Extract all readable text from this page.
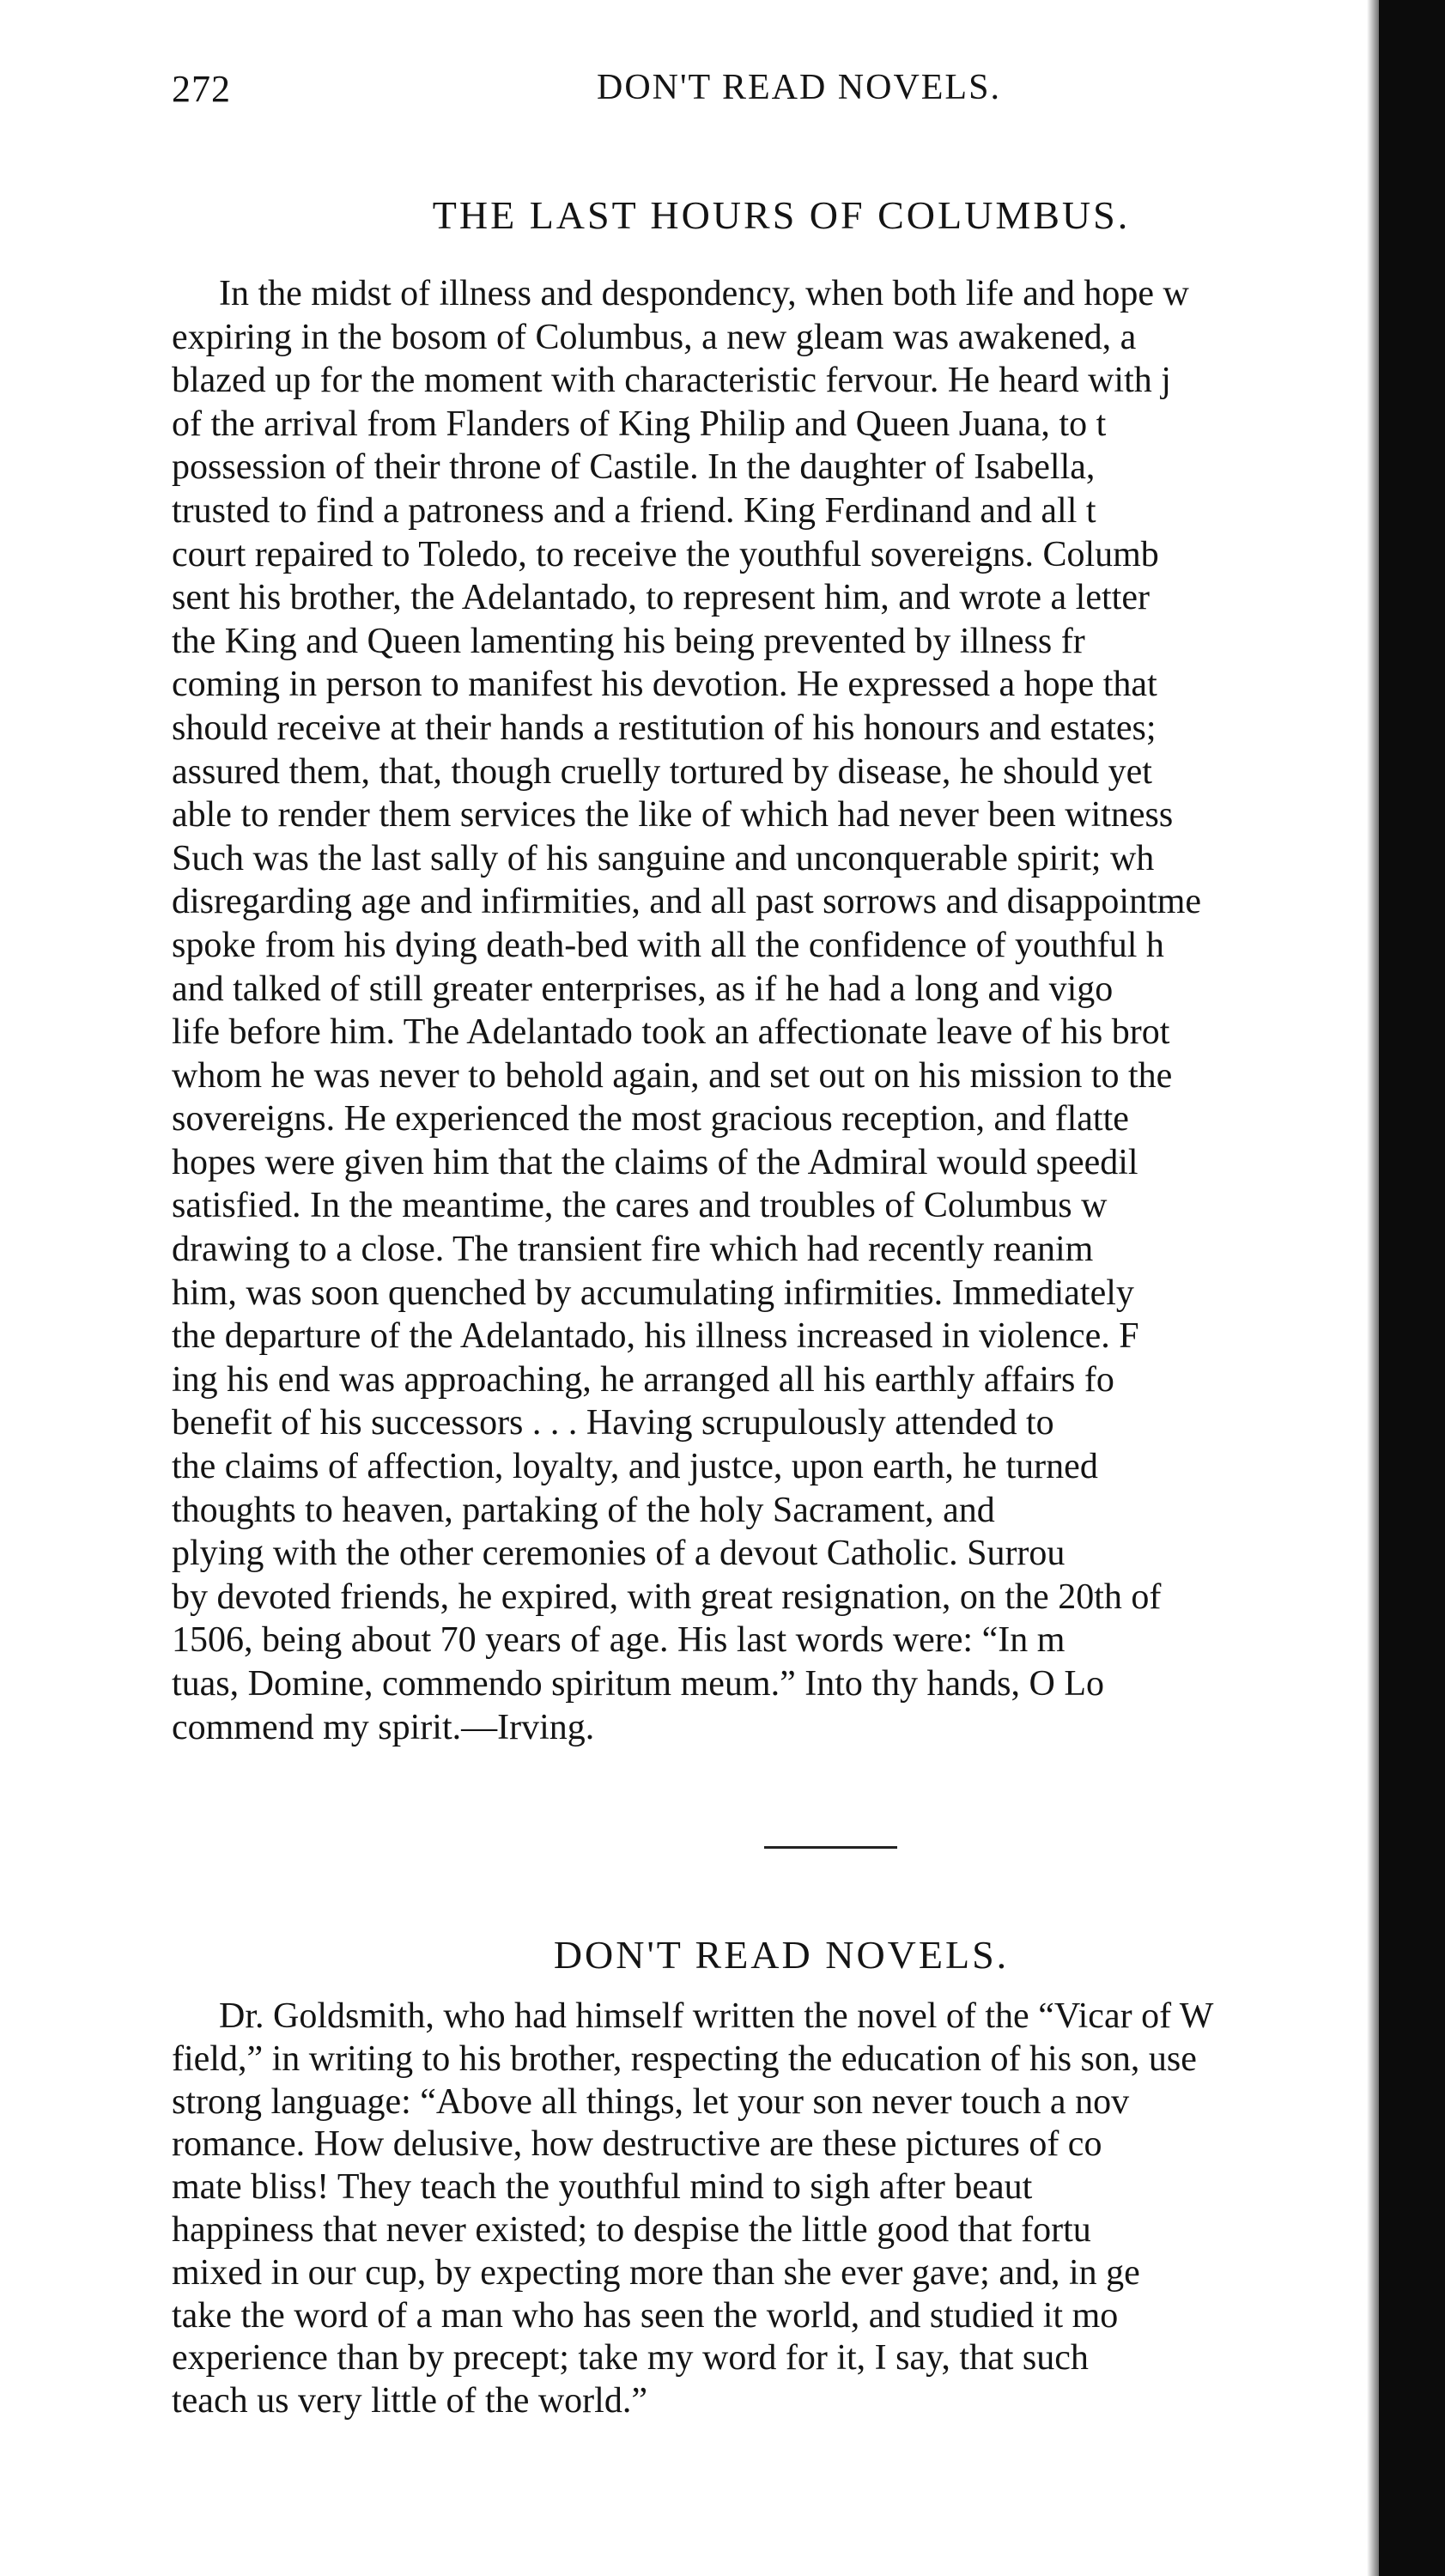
272	DON'T READ NOVELS.
THE LAST HOURS OF COLUMBUS.
In the midst of illness and despondency, when both life and hope w
expiring in the bosom of Columbus, a new gleam was awakened, a
blazed up for the moment with characteristic fervour. He heard with j
of the arrival from Flanders of King Philip and Queen Juana, to t
possession of their throne of Castile. In the daughter of Isabella,
trusted to find a patroness and a friend. King Ferdinand and all t
court repaired to Toledo, to receive the youthful sovereigns. Columb
sent his brother, the Adelantado, to represent him, and wrote a letter
the King and Queen lamenting his being prevented by illness fr
coming in person to manifest his devotion. He expressed a hope that
should receive at their hands a restitution of his honours and estates;
assured them, that, though cruelly tortured by disease, he should yet
able to render them services the like of which had never been witness
Such was the last sally of his sanguine and unconquerable spirit; wh
disregarding age and infirmities, and all past sorrows and disappointme
spoke from his dying death-bed with all the confidence of youthful h
and talked of still greater enterprises, as if he had a long and vigo
life before him. The Adelantado took an affectionate leave of his brot
whom he was never to behold again, and set out on his mission to the
sovereigns. He experienced the most gracious reception, and flatte
hopes were given him that the claims of the Admiral would speedil
satisfied. In the meantime, the cares and troubles of Columbus w
drawing to a close. The transient fire which had recently reanim
him, was soon quenched by accumulating infirmities. Immediately
the departure of the Adelantado, his illness increased in violence. F
ing his end was approaching, he arranged all his earthly affairs fo
benefit of his successors . . . Having scrupulously attended to
the claims of affection, loyalty, and justce, upon earth, he turned
thoughts to heaven, partaking of the holy Sacrament, and
plying with the other ceremonies of a devout Catholic. Surrou
by devoted friends, he expired, with great resignation, on the 20th of
1506, being about 70 years of age. His last words were: “In m
tuas, Domine, commendo spiritum meum.” Into thy hands, O Lo
commend my spirit.—Irving.
DON'T READ NOVELS.
Dr. Goldsmith, who had himself written the novel of the “Vicar of W
field,” in writing to his brother, respecting the education of his son, use
strong language: “Above all things, let your son never touch a nov
romance. How delusive, how destructive are these pictures of co
mate bliss! They teach the youthful mind to sigh after beaut
happiness that never existed; to despise the little good that fortu
mixed in our cup, by expecting more than she ever gave; and, in ge
take the word of a man who has seen the world, and studied it mo
experience than by precept; take my word for it, I say, that such
teach us very little of the world.”
